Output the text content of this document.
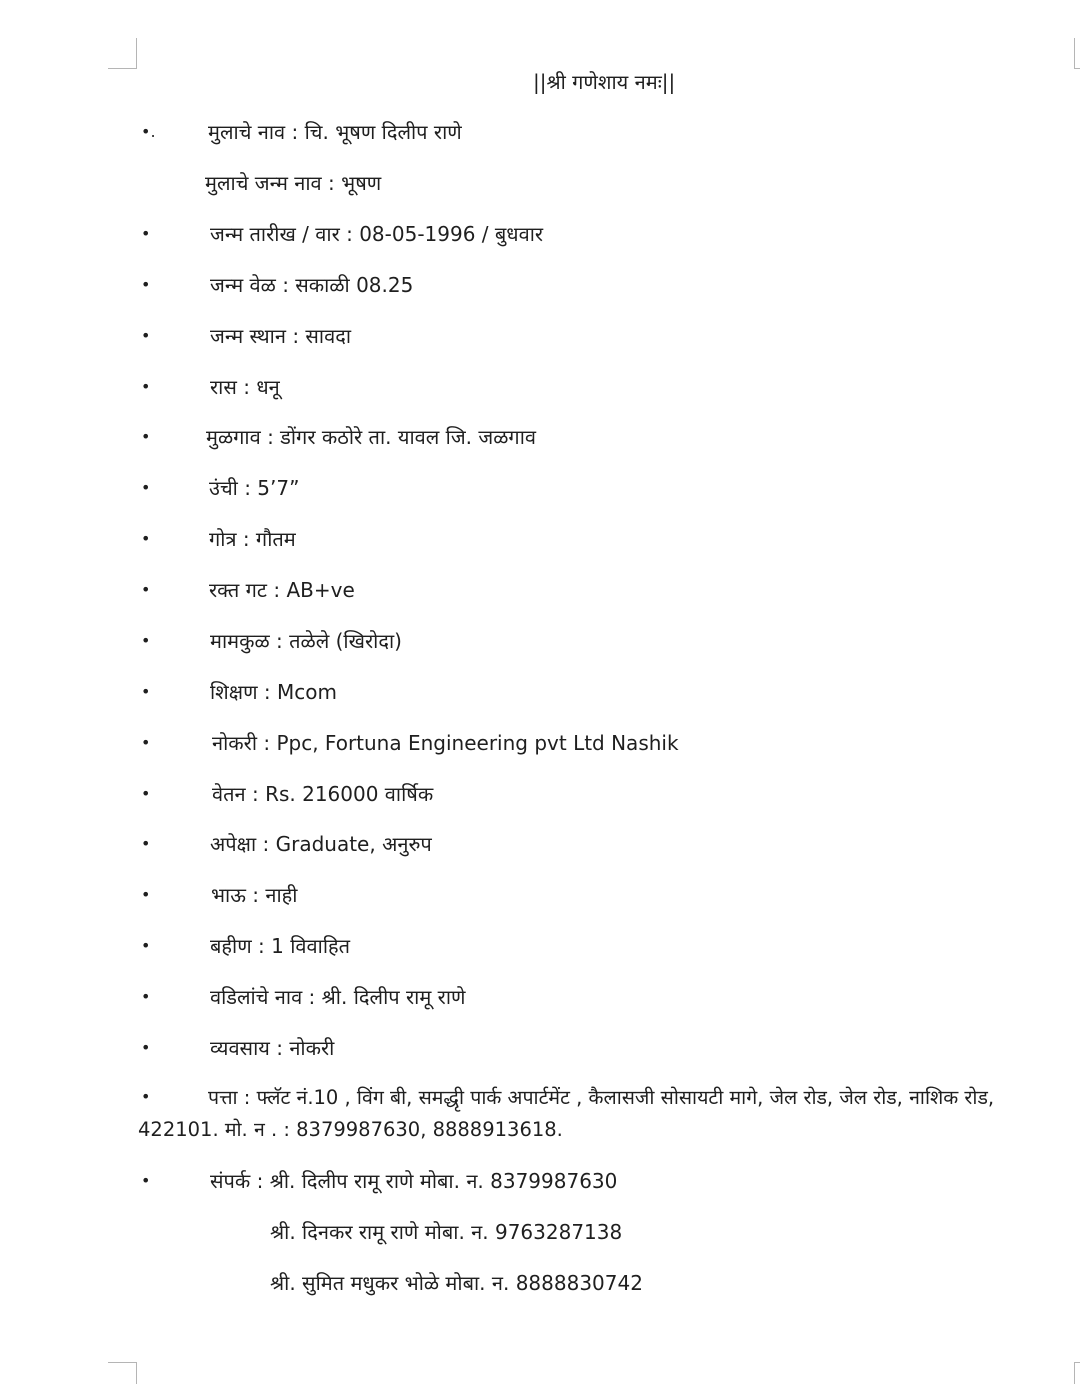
||श्री गणेशाय नमः||
•.	मुलाचे नाव : चि. भूषण दिलीप राणे
मुलाचे जन्म नाव : भूषण
•	जन्म तारीख / वार : 08-05-1996 / बुधवार
•	जन्म वेळ : सकाळी 08.25
•	जन्म स्थान : सावदा
•	रास : धनू
•	मुळगाव : डोंगर कठोरे ता. यावल जि. जळगाव
•	उंची : 5’7”
•	गोत्र : गौतम
•	रक्त गट : AB+ve
•	मामकुळ : तळेले (खिरोदा)
•	शिक्षण : Mcom
•	नोकरी : Ppc, Fortuna Engineering pvt Ltd Nashik
•	वेतन : Rs. 216000 वार्षिक
•	अपेक्षा : Graduate, अनुरुप
•	भाऊ : नाही
•	बहीण : 1 विवाहित
•	वडिलांचे नाव : श्री. दिलीप रामू राणे
•	व्यवसाय : नोकरी
•	पत्ता : फ्लॅट नं.10 , विंग बी, समद्धृी पार्क अपार्टमेंट , कैलासजी सोसायटी मागे, जेल रोड, जेल रोड, नाशिक रोड, 422101. मो. न . : 8379987630, 8888913618.
•	संपर्क : श्री. दिलीप रामू राणे मोबा. न. 8379987630
श्री. दिनकर रामू राणे मोबा. न. 9763287138
श्री. सुमित मधुकर भोळे मोबा. न. 8888830742
